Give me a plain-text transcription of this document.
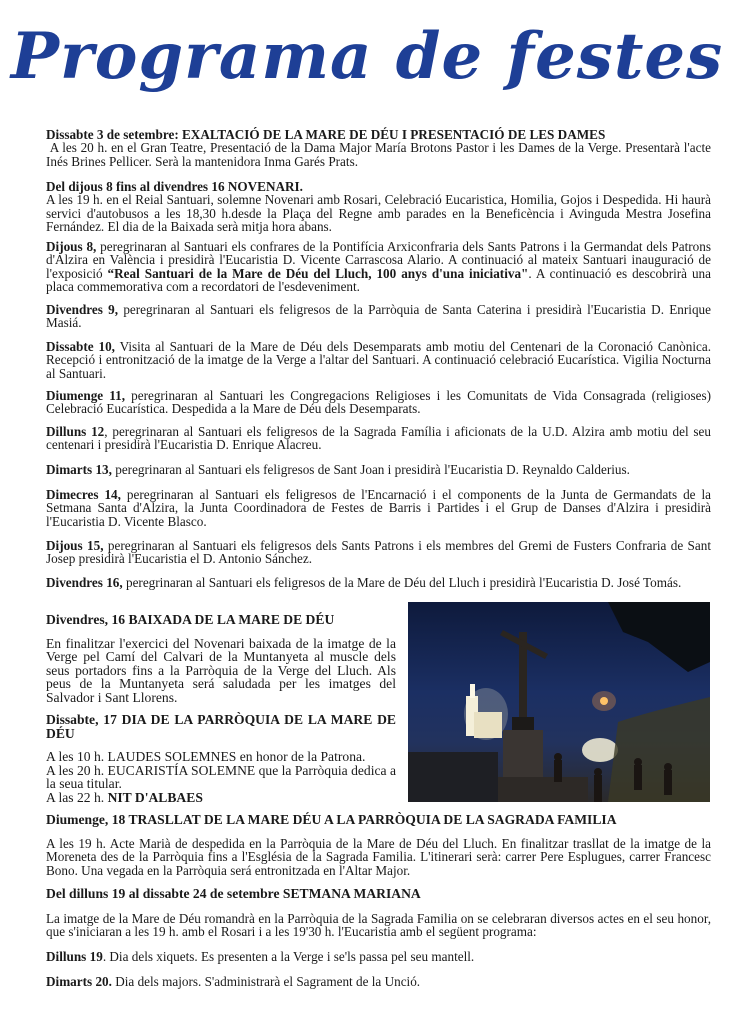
Programa de festes

Dissabte 3 de setembre: EXALTACIÓ DE LA MARE DE DÉU I PRESENTACIÓ DE LES DAMES
A les 20 h. en el Gran Teatre, Presentació de la Dama Major María Brotons Pastor i les Dames de la Verge. Presentarà l'acte Inés Brines Pellicer. Serà la mantenidora Inma Garés Prats.

Del dijous 8 fins al divendres 16 NOVENARI.
A les 19 h. en el Reial Santuari, solemne Novenari amb Rosari, Celebració Eucaristica, Homilia, Gojos i Despedida. Hi haurà servici d'autobusos a les 18,30 h.desde la Plaça del Regne amb parades en la Beneficència i Avinguda Mestra Josefina Fernández. El dia de la Baixada serà mitja hora abans.

Dijous 8, peregrinaran al Santuari els confrares de la Pontifícia Arxiconfraria dels Sants Patrons i la Germandat dels Patrons d'Alzira en València i presidirà l'Eucaristia D. Vicente Carrascosa Alario. A continuació al mateix Santuari inauguració de l'exposició “Real Santuari de la Mare de Déu del Lluch, 100 anys d'una iniciativa". A continuació es descobrirà una placa commemorativa com a recordatori de l'esdeveniment.

Divendres 9, peregrinaran al Santuari els feligresos de la Parròquia de Santa Caterina i presidirà l'Eucaristia D. Enrique Masiá.

Dissabte 10, Visita al Santuari de la Mare de Déu dels Desemparats amb motiu del Centenari de la Coronació Canònica. Recepció i entronització de la imatge de la Verge a l'altar del Santuari. A continuació celebració Eucarística. Vigilia Nocturna al Santuari.

Diumenge 11, peregrinaran al Santuari les Congregacions Religioses i les Comunitats de Vida Consagrada (religioses) Celebració Eucarística. Despedida a la Mare de Déu dels Desemparats.

Dilluns 12, peregrinaran al Santuari els feligresos de la Sagrada Família i aficionats de la U.D. Alzira amb motiu del seu centenari i presidirà l'Eucaristia D. Enrique Alacreu.

Dimarts 13, peregrinaran al Santuari els feligresos de Sant Joan i presidirà l'Eucaristia D. Reynaldo Calderius.

Dimecres 14, peregrinaran al Santuari els feligresos de l'Encarnació i el components de la Junta de Germandats de la Setmana Santa d'Alzira, la Junta Coordinadora de Festes de Barris i Partides i el Grup de Danses d'Alzira i presidirà l'Eucaristia D. Vicente Blasco.

Dijous 15, peregrinaran al Santuari els feligresos dels Sants Patrons i els membres del Gremi de Fusters Confraria de Sant Josep presidirà l'Eucaristia el D. Antonio Sánchez.

Divendres 16, peregrinaran al Santuari els feligresos de la Mare de Déu del Lluch i presidirà l'Eucaristia D. José Tomás.

Divendres, 16 BAIXADA DE LA MARE DE DÉU
En finalitzar l'exercici del Novenari baixada de la imatge de la Verge pel Camí del Calvari de la Muntanyeta al muscle dels seus portadors fins a la Parròquia de la Verge del Lluch. Als peus de la Muntanyeta será saludada per les imatges del Salvador i Sant Llorens.
Dissabte, 17 DIA DE LA PARRÒQUIA DE LA MARE DE DÉU
A les 10 h. LAUDES SOLEMNES en honor de la Patrona.
A les 20 h. EUCARISTÍA SOLEMNE que la Parròquia dedica a la seua titular.
A las 22 h. NIT D'ALBAES

Diumenge, 18 TRASLLAT DE LA MARE DÉU A LA PARRÒQUIA DE LA SAGRADA FAMILIA

A les 19 h. Acte Marià de despedida en la Parròquia de la Mare de Déu del Lluch. En finalitzar trasllat de la imatge de la Moreneta des de la Parròquia fins a l'Església de la Sagrada Familia. L'itinerari serà: carrer Pere Esplugues, carrer Francesc Bono. Una vegada en la Parròquia será entronitzada en l'Altar Major.

Del dilluns 19 al dissabte 24 de setembre SETMANA MARIANA

La imatge de la Mare de Déu romandrà en la Parròquia de la Sagrada Familia on se celebraran diversos actes en el seu honor, que s'iniciaran a les 19 h. amb el Rosari i a les 19'30 h. l'Eucaristia amb el següent programa:

Dilluns 19. Dia dels xiquets. Es presenten a la Verge i se'ls passa pel seu mantell.

Dimarts 20. Dia dels majors. S'administrarà el Sagrament de la Unció.
